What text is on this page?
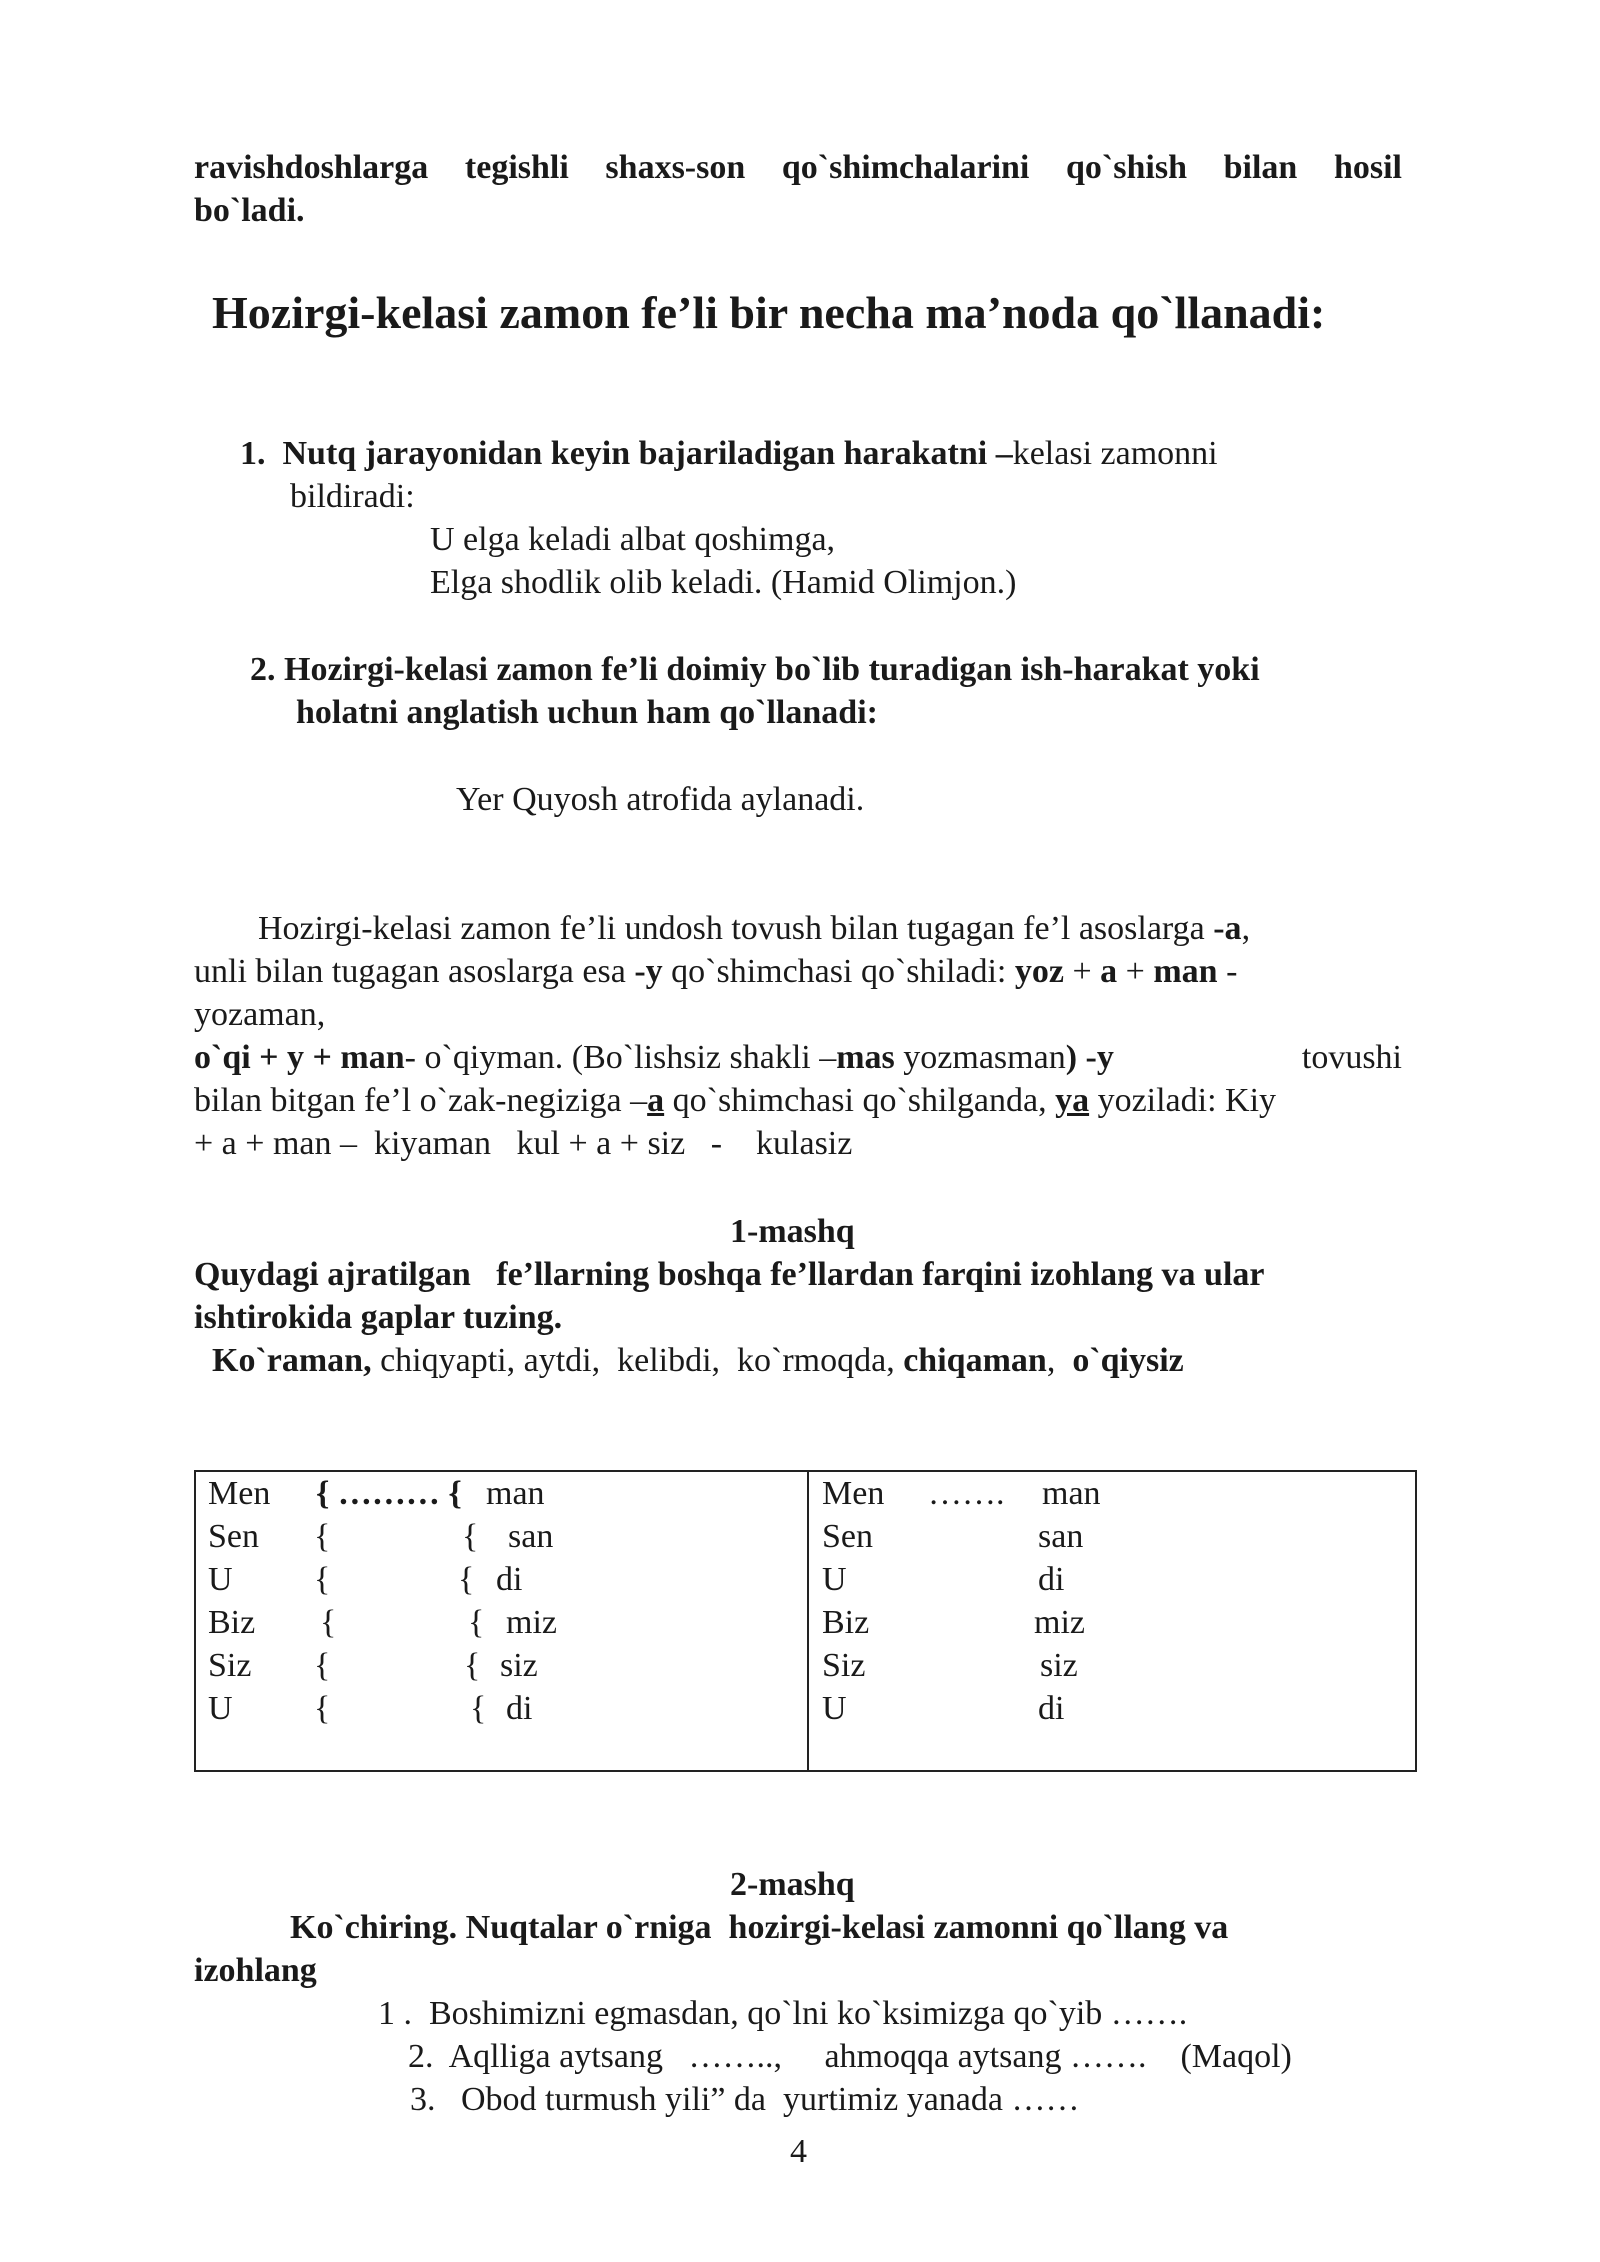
ravishdoshlarga tegishli shaxs-son qo`shimchalarini qo`shish bilan hosil
bo`ladi.
Hozirgi-kelasi zamon fe’li bir necha ma’noda qo`llanadi:
1. Nutq jarayonidan keyin bajariladigan harakatni –kelasi zamonni
bildiradi:
U elga keladi albat qoshimga,
Elga shodlik olib keladi. (Hamid Olimjon.)
2. Hozirgi-kelasi zamon fe’li doimiy bo`lib turadigan ish-harakat yoki
holatni anglatish uchun ham qo`llanadi:
Yer Quyosh atrofida aylanadi.
Hozirgi-kelasi zamon fe’li undosh tovush bilan tugagan fe’l asoslarga -a,
unli bilan tugagan asoslarga esa -y qo`shimchasi qo`shiladi: yoz + a + man -
yozaman,
o`qi + y + man- o`qiyman. (Bo`lishsiz shakli –mas yozmasman) -y	tovushi
bilan bitgan fe’l o`zak-negiziga –a qo`shimchasi qo`shilganda, ya yoziladi: Kiy
+ a + man –  kiyaman   kul + a + siz   -    kulasiz
1-mashq
Quydagi ajratilgan   fe’llarning boshqa fe’llardan farqini izohlang va ular
ishtirokida gaplar tuzing.
Ko`raman, chiqyapti, aytdi,  kelibdi,  ko`rmoqda, chiqaman,  o`qiysiz
Men { ……… { man
Sen {	{ san
U {	{ di
Biz {	{ miz
Siz {	{ siz
U {	{ di
Men ……. man
Sen	san
U	di
Biz	miz
Siz	siz
U	di
2-mashq
Ko`chiring. Nuqtalar o`rniga  hozirgi-kelasi zamonni qo`llang va
izohlang
1 .  Boshimizni egmasdan, qo`lni ko`ksimizga qo`yib …….
2.  Aqlliga aytsang   ……..,     ahmoqqa aytsang …….    (Maqol)
3.   Obod turmush yili” da  yurtimiz yanada ……
4
